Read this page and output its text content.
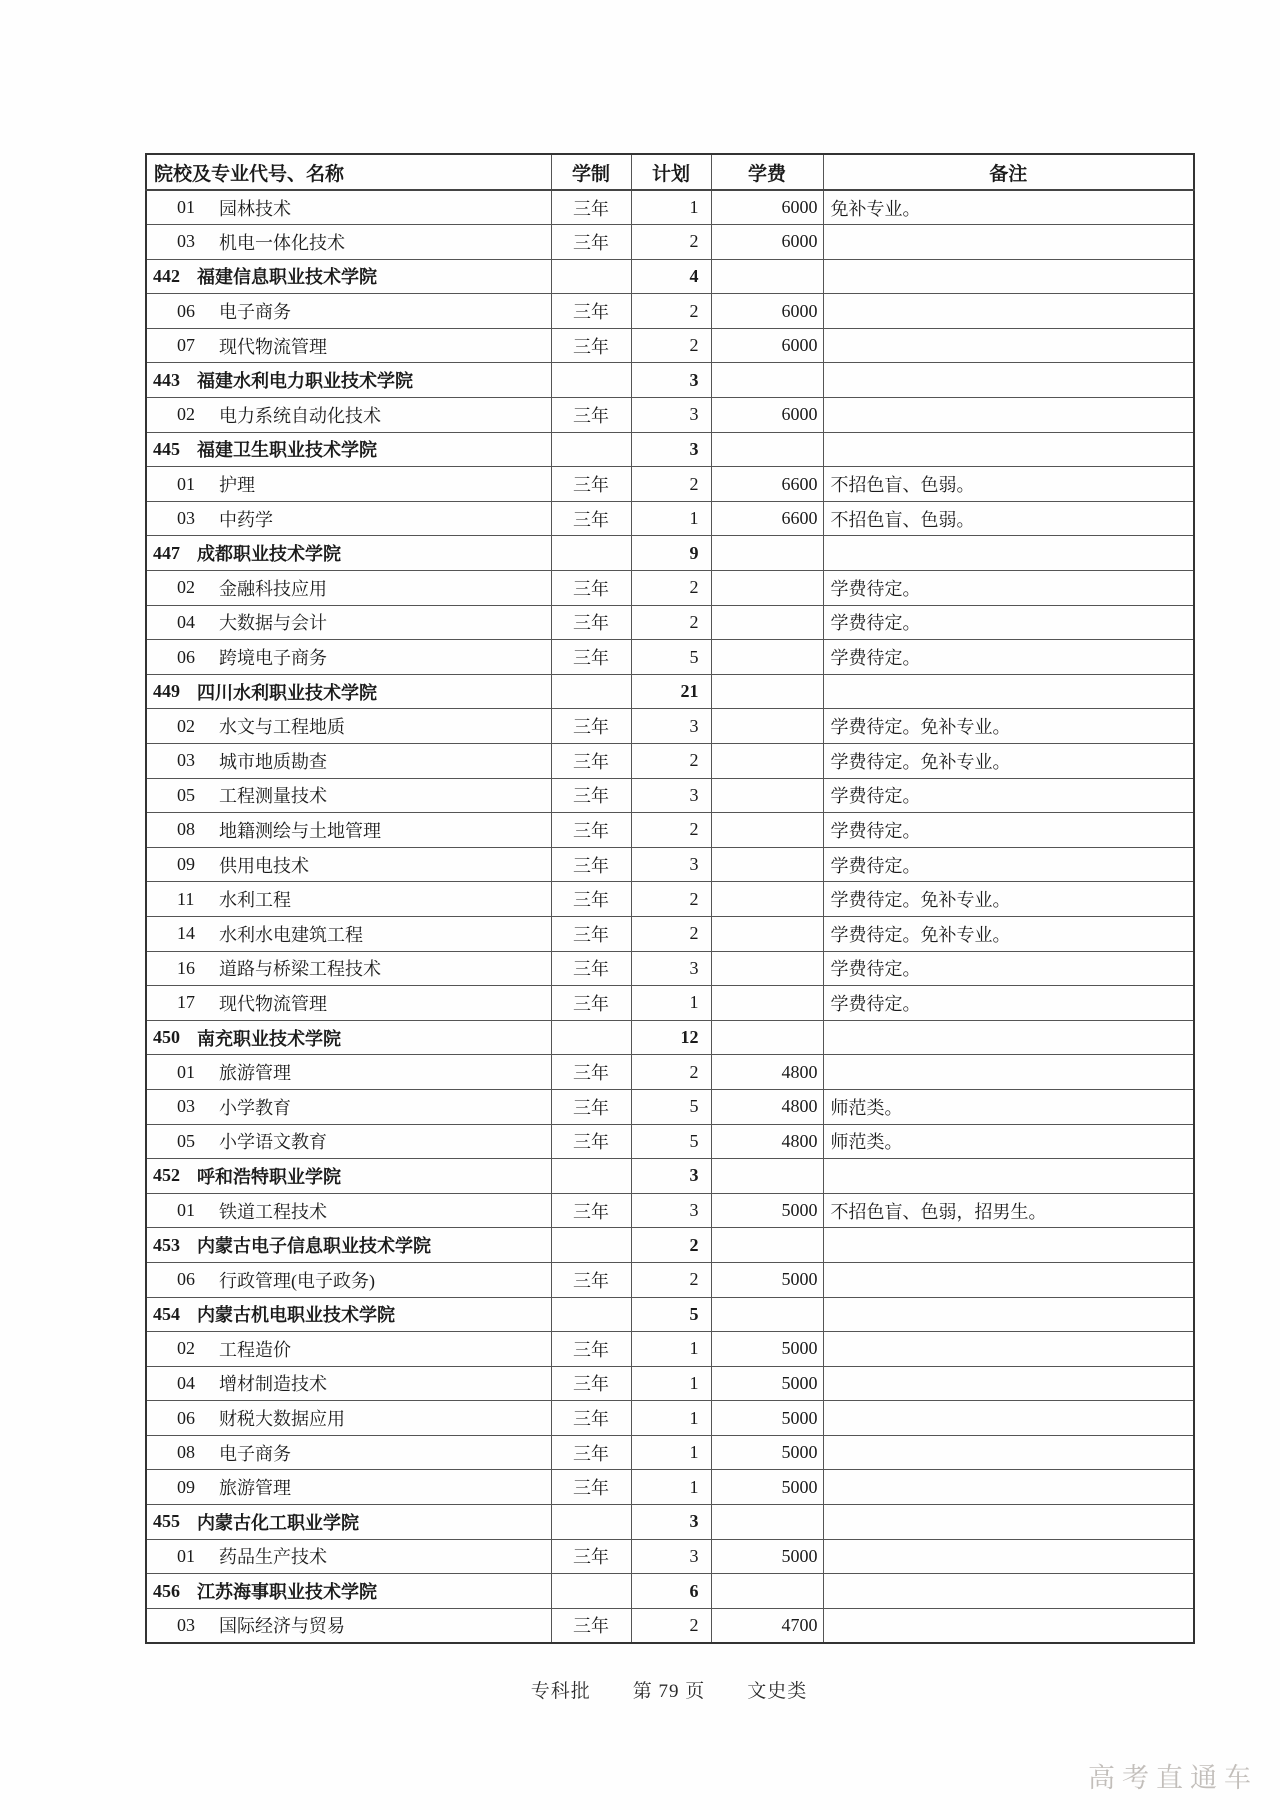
院校及专业代号、名称	学制	计划	学费	备注

01 园林技术	三年	1	6000	免补专业。

03 机电一体化技术	三年	2	6000	

442 福建信息职业技术学院		4		

06 电子商务	三年	2	6000	

07 现代物流管理	三年	2	6000	

443 福建水利电力职业技术学院		3		

02 电力系统自动化技术	三年	3	6000	

445 福建卫生职业技术学院		3		

01 护理	三年	2	6600	不招色盲、色弱。

03 中药学	三年	1	6600	不招色盲、色弱。

447 成都职业技术学院		9		

02 金融科技应用	三年	2		学费待定。

04 大数据与会计	三年	2		学费待定。

06 跨境电子商务	三年	5		学费待定。

449 四川水利职业技术学院		21		

02 水文与工程地质	三年	3		学费待定。免补专业。

03 城市地质勘查	三年	2		学费待定。免补专业。

05 工程测量技术	三年	3		学费待定。

08 地籍测绘与土地管理	三年	2		学费待定。

09 供用电技术	三年	3		学费待定。

11 水利工程	三年	2		学费待定。免补专业。

14 水利水电建筑工程	三年	2		学费待定。免补专业。

16 道路与桥梁工程技术	三年	3		学费待定。

17 现代物流管理	三年	1		学费待定。

450 南充职业技术学院		12		

01 旅游管理	三年	2	4800	

03 小学教育	三年	5	4800	师范类。

05 小学语文教育	三年	5	4800	师范类。

452 呼和浩特职业学院		3		

01 铁道工程技术	三年	3	5000	不招色盲、色弱，招男生。

453 内蒙古电子信息职业技术学院		2		

06 行政管理(电子政务)	三年	2	5000	

454 内蒙古机电职业技术学院		5		

02 工程造价	三年	1	5000	

04 增材制造技术	三年	1	5000	

06 财税大数据应用	三年	1	5000	

08 电子商务	三年	1	5000	

09 旅游管理	三年	1	5000	

455 内蒙古化工职业学院		3		

01 药品生产技术	三年	3	5000	

456 江苏海事职业技术学院		6		

03 国际经济与贸易	三年	2	4700	
专科批 第 79 页 文史类
高考直通车
